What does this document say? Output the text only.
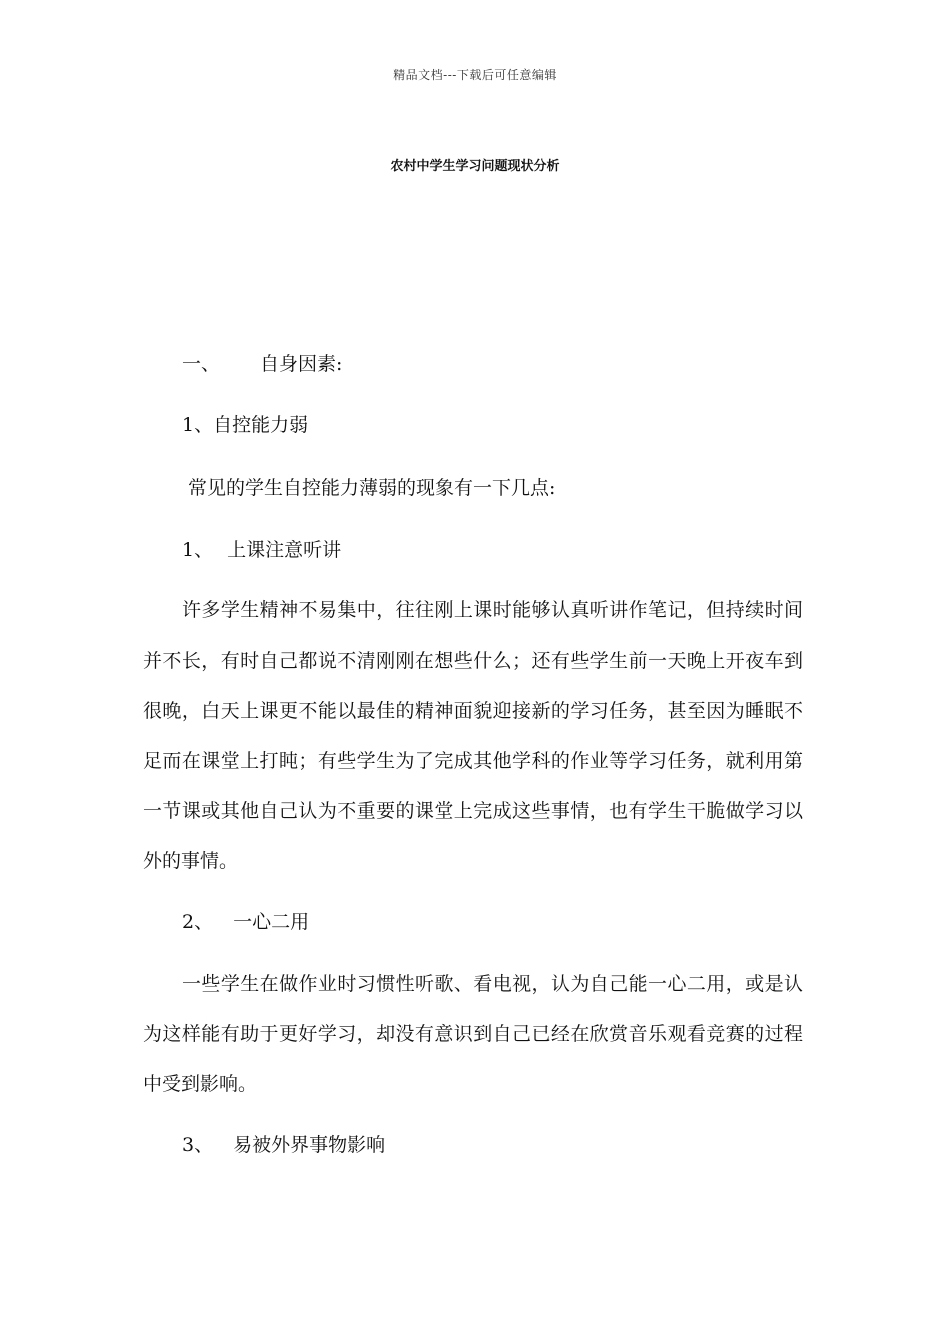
精品文档---下载后可任意编辑
农村中学生学习问题现状分析
一、 自身因素:
1、自控能力弱
常见的学生自控能力薄弱的现象有一下几点:
1、 上课注意听讲
许多学生精神不易集中，往往刚上课时能够认真听讲作笔记，但持续时间
并不长，有时自己都说不清刚刚在想些什么；还有些学生前一天晚上开夜车到
很晚，白天上课更不能以最佳的精神面貌迎接新的学习任务，甚至因为睡眠不
足而在课堂上打盹；有些学生为了完成其他学科的作业等学习任务，就利用第
一节课或其他自己认为不重要的课堂上完成这些事情，也有学生干脆做学习以
外的事情。
2、 一心二用
一些学生在做作业时习惯性听歌、看电视，认为自己能一心二用，或是认
为这样能有助于更好学习，却没有意识到自己已经在欣赏音乐观看竞赛的过程
中受到影响。
3、 易被外界事物影响
